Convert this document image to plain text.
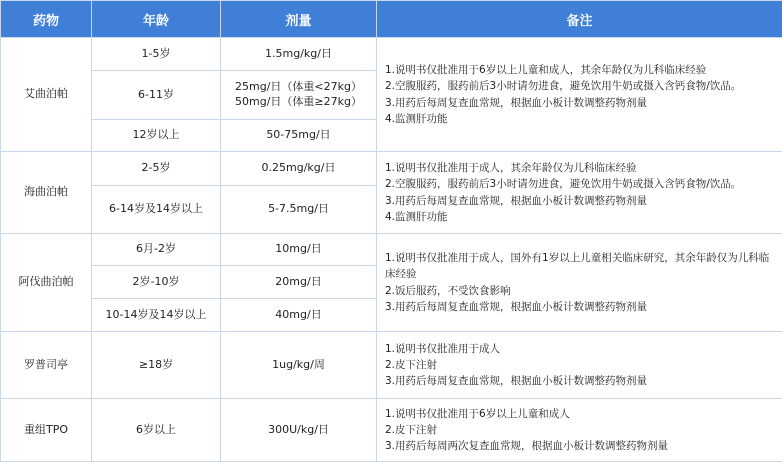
药物	年龄	剂量	备注
艾曲泊帕	1-5岁	1.5mg/kg/日	1.说明书仅批准用于6岁以上儿童和成人，其余年龄仅为儿科临床经验
2.空腹服药，服药前后3小时请勿进食，避免饮用牛奶或摄入含钙食物/饮品。
3.用药后每周复查血常规，根据血小板计数调整药物剂量
4.监测肝功能

	6-11岁	25mg/日（体重<27kg）
50mg/日（体重≥27kg）	

	12岁以上	50-75mg/日	
海曲泊帕	2-5岁	0.25mg/kg/日	1.说明书仅批准用于成人，其余年龄仅为儿科临床经验
2.空腹服药，服药前后3小时请勿进食，避免饮用牛奶或摄入含钙食物/饮品。
3.用药后每周复查血常规，根据血小板计数调整药物剂量
4.监测肝功能

	6-14岁及14岁以上	5-7.5mg/日	
阿伐曲泊帕	6月-2岁	10mg/日	1.说明书仅批准用于成人，国外有1岁以上儿童相关临床研究，其余年龄仅为儿科临床经验
2.饭后服药，不受饮食影响
3.用药后每周复查血常规，根据血小板计数调整药物剂量

	2岁-10岁	20mg/日	
	10-14岁及14岁以上	40mg/日	
罗普司亭	≥18岁	1ug/kg/周	1.说明书仅批准用于成人
2.皮下注射
3.用药后每周复查血常规，根据血小板计数调整药物剂量

重组TPO	6岁以上	300U/kg/日	1.说明书仅批准用于6岁以上儿童和成人
2.皮下注射
3.用药后每周两次复查血常规，根据血小板计数调整药物剂量
